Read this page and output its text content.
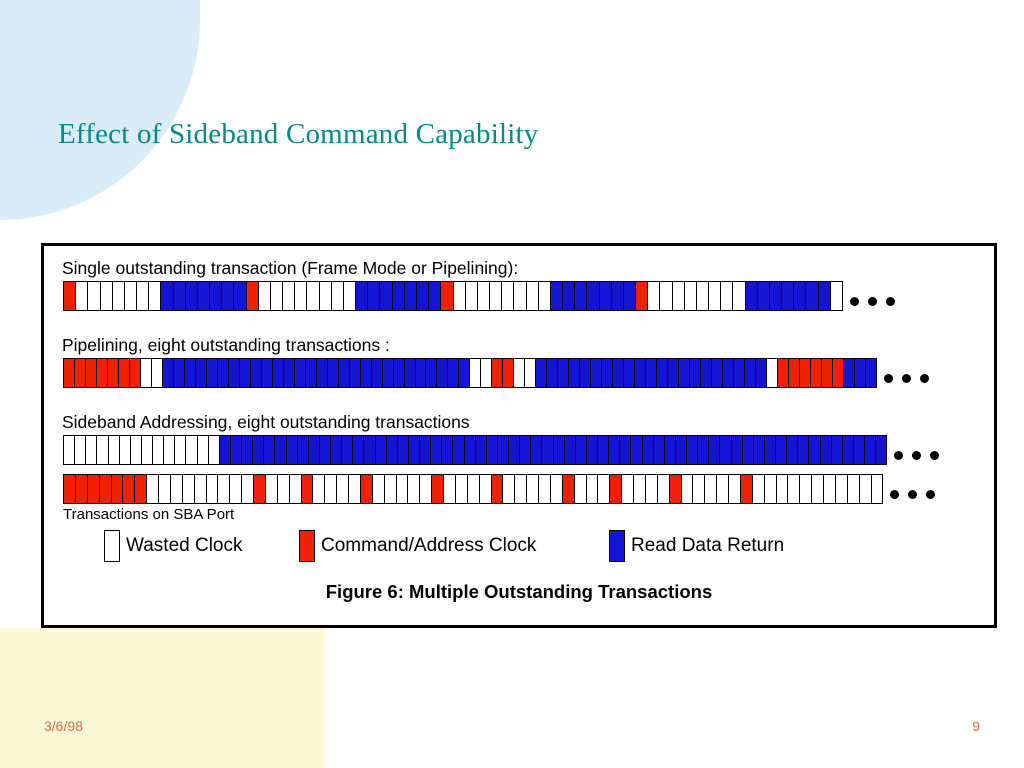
Effect of Sideband Command Capability
Single outstanding transaction (Frame Mode or Pipelining):
Pipelining, eight outstanding transactions :
Sideband Addressing, eight outstanding transactions
Transactions on SBA Port
Wasted Clock	Command/Address Clock	Read Data Return
Figure 6: Multiple Outstanding Transactions
3/6/98	9
